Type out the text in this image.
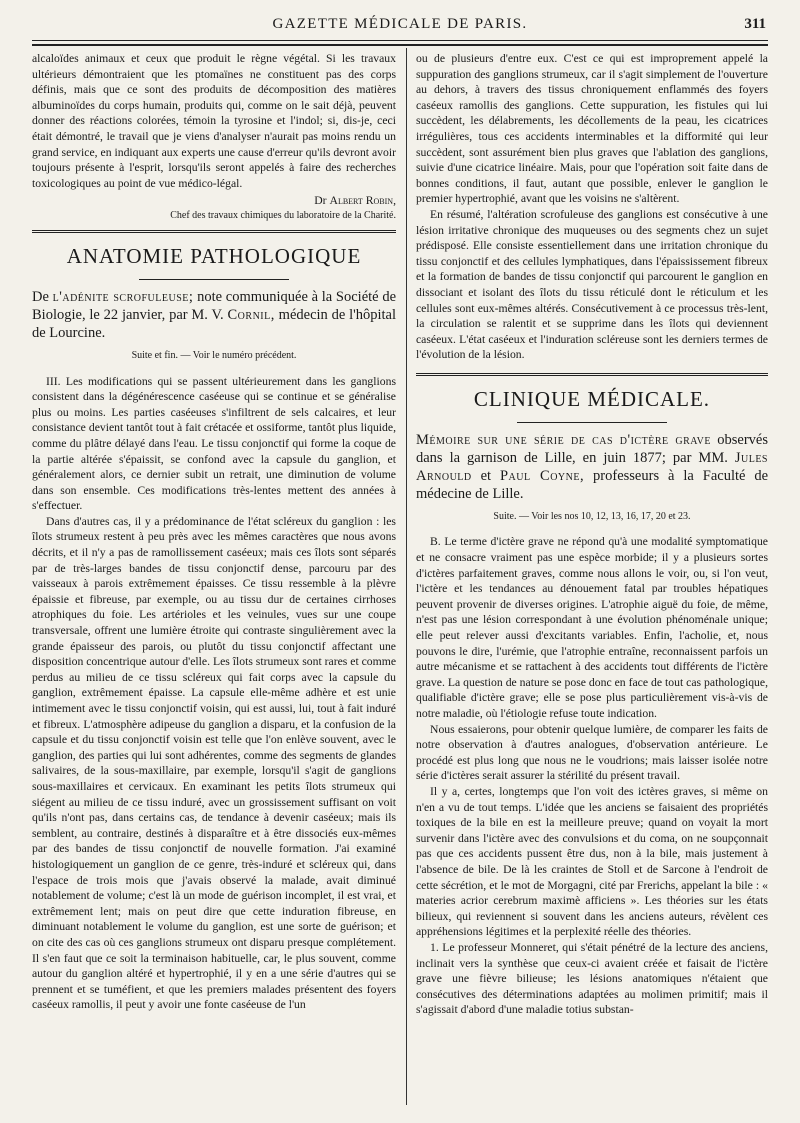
GAZETTE MÉDICALE DE PARIS.	311

alcaloïdes animaux et ceux que produit le règne végétal. Si les travaux ultérieurs démontraient que les ptomaïnes ne constituent pas des corps définis, mais que ce sont des produits de décomposition des matières albuminoïdes du corps humain, produits qui, comme on le sait déjà, peuvent donner des réactions colorées, témoin la tyrosine et l'indol; si, dis-je, ceci était démontré, le travail que je viens d'analyser n'aurait pas moins rendu un grand service, en indiquant aux experts une cause d'erreur qu'ils devront avoir toujours présente à l'esprit, lorsqu'ils seront appelés à faire des recherches toxicologiques au point de vue médico-légal.

Dr Albert Robin,
Chef des travaux chimiques du laboratoire de la Charité.
ANATOMIE PATHOLOGIQUE
De l'adénite scrofuleuse; note communiquée à la Société de Biologie, le 22 janvier, par M. V. Cornil, médecin de l'hôpital de Lourcine.
Suite et fin. — Voir le numéro précédent.

III. Les modifications qui se passent ultérieurement dans les ganglions consistent dans la dégénérescence caséeuse qui se continue et se généralise plus ou moins. Les parties caséeuses s'infiltrent de sels calcaires, et leur consistance devient tantôt tout à fait crétacée et ossiforme, tantôt plus liquide, comme du plâtre délayé dans l'eau. Le tissu conjonctif qui forme la coque de la partie altérée s'épaissit, se confond avec la capsule du ganglion, et généralement alors, ce dernier subit un retrait, une diminution de volume dans son ensemble. Ces modifications très-lentes mettent des années à s'effectuer.

Dans d'autres cas, il y a prédominance de l'état scléreux du ganglion : les îlots strumeux restent à peu près avec les mêmes caractères que nous avons décrits, et il n'y a pas de ramollissement caséeux; mais ces îlots sont séparés par de très-larges bandes de tissu conjonctif dense, parcouru par des vaisseaux à parois extrêmement épaisses. Ce tissu ressemble à la plèvre épaissie et fibreuse, par exemple, ou au tissu dur de certaines cirrhoses atrophiques du foie. Les artérioles et les veinules, vues sur une coupe transversale, offrent une lumière étroite qui contraste singulièrement avec la grande épaisseur des parois, ou plutôt du tissu conjonctif affectant une disposition concentrique autour d'elle. Les îlots strumeux sont rares et comme perdus au milieu de ce tissu scléreux qui fait corps avec la capsule du ganglion, extrêmement épaisse. La capsule elle-même adhère et est unie intimement avec le tissu conjonctif voisin, qui est aussi, lui, tout à fait induré et fibreux. L'atmosphère adipeuse du ganglion a disparu, et la confusion de la capsule et du tissu conjonctif voisin est telle que l'on enlève souvent, avec le ganglion, des parties qui lui sont adhérentes, comme des segments de glandes salivaires, de la sous-maxillaire, par exemple, lorsqu'il s'agit de ganglions sous-maxillaires et cervicaux. En examinant les petits îlots strumeux qui siégent au milieu de ce tissu induré, avec un grossissement suffisant on voit qu'ils n'ont pas, dans certains cas, de tendance à devenir caséeux; mais ils semblent, au contraire, destinés à disparaître et à être dissociés eux-mêmes par des bandes de tissu conjonctif de nouvelle formation. J'ai examiné histologiquement un ganglion de ce genre, très-induré et scléreux qui, dans l'espace de trois mois que j'avais observé la malade, avait diminué notablement de volume; c'est là un mode de guérison incomplet, il est vrai, et extrêmement lent; mais on peut dire que cette induration fibreuse, en diminuant notablement le volume du ganglion, est une sorte de guérison; et on cite des cas où ces ganglions strumeux ont disparu presque complétement. Il s'en faut que ce soit la terminaison habituelle, car, le plus souvent, comme autour du ganglion altéré et hypertrophié, il y en a une série d'autres qui se prennent et se tuméfient, et que les premiers malades présentent des foyers caséeux ramollis, il peut y avoir une fonte caséeuse de l'un

ou de plusieurs d'entre eux. C'est ce qui est improprement appelé la suppuration des ganglions strumeux, car il s'agit simplement de l'ouverture au dehors, à travers des tissus chroniquement enflammés des foyers caséeux ramollis des ganglions. Cette suppuration, les fistules qui lui succèdent, les délabrements, les décollements de la peau, les cicatrices irrégulières, tous ces accidents interminables et la difformité qui leur succèdent, sont assurément bien plus graves que l'ablation des ganglions, suivie d'une cicatrice linéaire. Mais, pour que l'opération soit faite dans de bonnes conditions, il faut, autant que possible, enlever le ganglion le premier hypertrophié, avant que les voisins ne s'altèrent.

En résumé, l'altération scrofuleuse des ganglions est consécutive à une lésion irritative chronique des muqueuses ou des segments chez un sujet prédisposé. Elle consiste essentiellement dans une irritation chronique du tissu conjonctif et des cellules lymphatiques, dans l'épaississement fibreux et la formation de bandes de tissu conjonctif qui parcourent le ganglion en dissociant et isolant des îlots du tissu réticulé dont le réticulum et les cellules sont eux-mêmes altérés. Consécutivement à ce processus très-lent, la circulation se ralentit et se supprime dans les îlots qui deviennent caséeux. L'état caséeux et l'induration scléreuse sont les derniers termes de l'évolution de la lésion.

CLINIQUE MÉDICALE.
Mémoire sur une série de cas d'ictère grave observés dans la garnison de Lille, en juin 1877; par MM. Jules Arnould et Paul Coyne, professeurs à la Faculté de médecine de Lille.
Suite. — Voir les nos 10, 12, 13, 16, 17, 20 et 23.

B. Le terme d'ictère grave ne répond qu'à une modalité symptomatique et ne consacre vraiment pas une espèce morbide; il y a plusieurs sortes d'ictères parfaitement graves, comme nous allons le voir, ou, si l'on veut, l'ictère et les tendances au dénouement fatal par troubles hépatiques peuvent provenir de diverses origines. L'atrophie aiguë du foie, de même, n'est pas une lésion correspondant à une évolution phénoménale unique; elle peut relever aussi d'excitants variables. Enfin, l'acholie, et, nous pouvons le dire, l'urémie, que l'atrophie entraîne, reconnaissent parfois un autre mécanisme et se rattachent à des accidents tout différents de l'ictère grave. La question de nature se pose donc en face de tout cas pathologique, qualifiable d'ictère grave; elle se pose plus particulièrement vis-à-vis de notre maladie, où l'étiologie refuse toute indication.

Nous essaierons, pour obtenir quelque lumière, de comparer les faits de notre observation à d'autres analogues, d'observation antérieure. Le procédé est plus long que nous ne le voudrions; mais laisser isolée notre série d'ictères serait assurer la stérilité du présent travail.

Il y a, certes, longtemps que l'on voit des ictères graves, si même on n'en a vu de tout temps. L'idée que les anciens se faisaient des propriétés toxiques de la bile en est la meilleure preuve; quand on voyait la mort survenir dans l'ictère avec des convulsions et du coma, on ne soupçonnait pas que ces accidents pussent être dus, non à la bile, mais justement à l'absence de bile. De là les craintes de Stoll et de Sarcone à l'endroit de cette sécrétion, et le mot de Morgagni, cité par Frerichs, appelant la bile : « materies acrior cerebrum maximè afficiens ». Les théories sur les états bilieux, qui reviennent si souvent dans les anciens auteurs, révèlent ces appréhensions légitimes et la perplexité réelle des théories.

1. Le professeur Monneret, qui s'était pénétré de la lecture des anciens, inclinait vers la synthèse que ceux-ci avaient créée et faisait de l'ictère grave une fièvre bilieuse; les lésions anatomiques n'étaient que consécutives des déterminations adaptées au molimen primitif; mais il s'agissait d'abord d'une maladie totius substan-
